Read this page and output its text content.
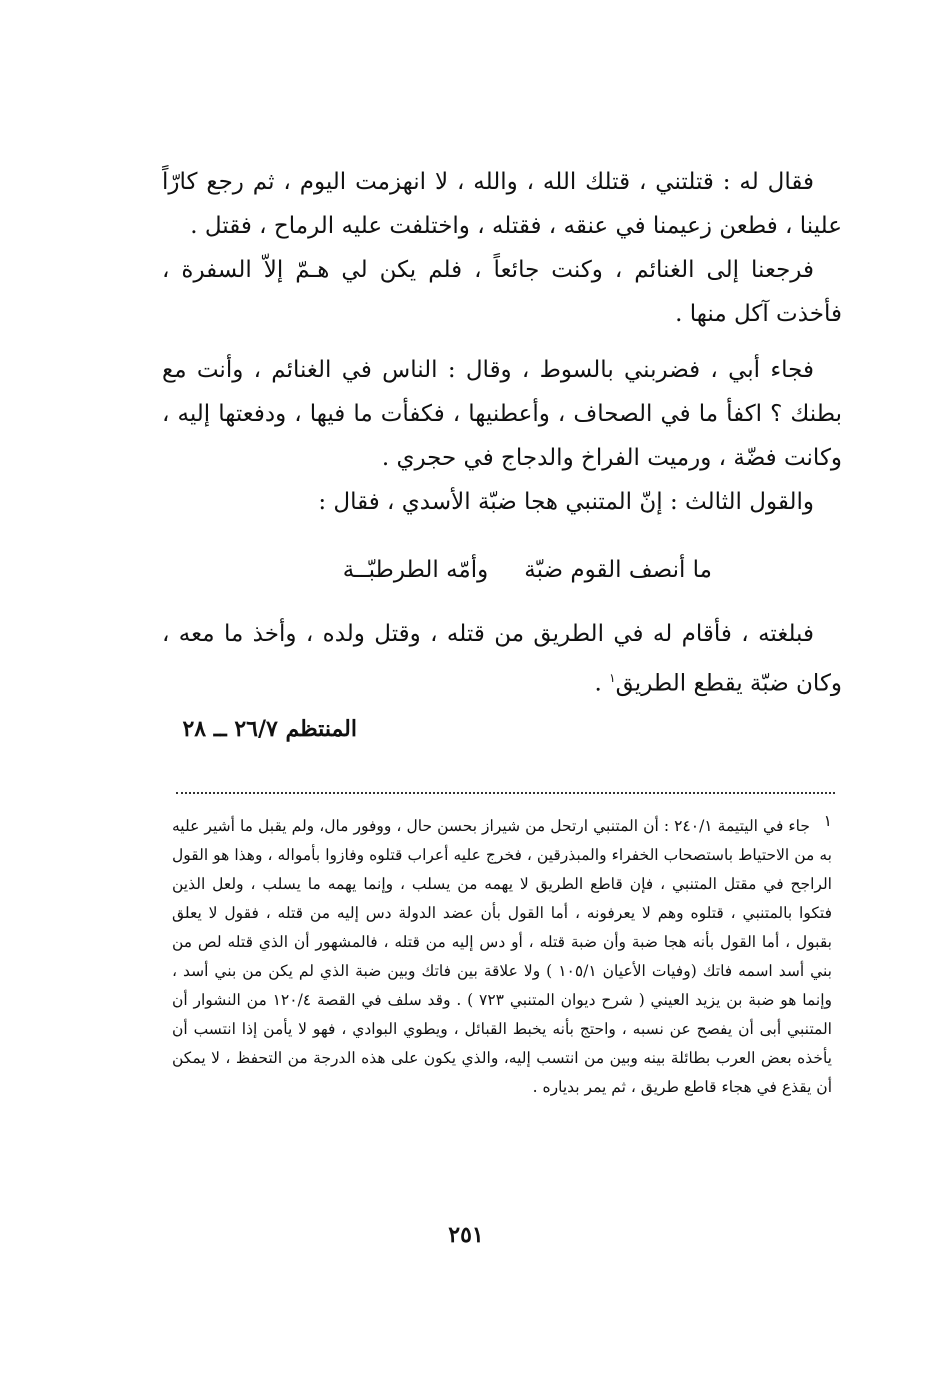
فقال له : قتلتني ، قتلك الله ، والله ، لا انهزمت اليوم ، ثم رجع كارّاً علينا ، فطعن زعيمنا في عنقه ، فقتله ، واختلفت عليه الرماح ، فقتل .

فرجعنا إلى الغنائم ، وكنت جائعاً ، فلم يكن لي هـمّ إلاّ السفرة ، فأخذت آكل منها .

فجاء أبي ، فضربني بالسوط ، وقال : الناس في الغنائم ، وأنت مع بطنك ؟ اكفأ ما في الصحاف ، وأعطنيها ، فكفأت ما فيها ، ودفعتها إليه ، وكانت فضّة ، ورميت الفراخ والدجاج في حجري .

والقول الثالث : إنّ المتنبي هجا ضبّة الأسدي ، فقال :

ما أنصف القوم ضبّة
وأمّه الطرطبّــة

فبلغته ، فأقام له في الطريق من قتله ، وقتل ولده ، وأخذ ما معه ، وكان ضبّة يقطع الطريق$^١$ .

المنتظم ٢٦/٧ ــ ٢٨
١

جاء في اليتيمة ٢٤٠/١ : أن المتنبي ارتحل من شيراز بحسن حال ، ووفور مال، ولم يقبل ما أشير عليه به من الاحتياط باستصحاب الخفراء والمبذرقين ، فخرج عليه أعراب قتلوه وفازوا بأمواله ، وهذا هو القول الراجح في مقتل المتنبي ، فإن قاطع الطريق لا يهمه من يسلب ، وإنما يهمه ما يسلب ، ولعل الذين فتكوا بالمتنبي ، قتلوه وهم لا يعرفونه ، أما القول بأن عضد الدولة دس إليه من قتله ، فقول لا يعلق بقبول ، أما القول بأنه هجا ضبة وأن ضبة قتله ، أو دس إليه من قتله ، فالمشهور أن الذي قتله لص من بني أسد اسمه فاتك (وفيات الأعيان ١٠٥/١ ) ولا علاقة بين فاتك وبين ضبة الذي لم يكن من بني أسد ، وإنما هو ضبة بن يزيد العيني ( شرح ديوان المتنبي ٧٢٣ ) . وقد سلف في القصة ١٢٠/٤ من النشوار أن المتنبي أبى أن يفصح عن نسبه ، واحتج بأنه يخبط القبائل ، ويطوي البوادي ، فهو لا يأمن إذا انتسب أن يأخذه بعض العرب بطائلة بينه وبين من انتسب إليه، والذي يكون على هذه الدرجة من التحفظ ، لا يمكن أن يقذع في هجاء قاطع طريق ، ثم يمر بدياره .

٢٥١
